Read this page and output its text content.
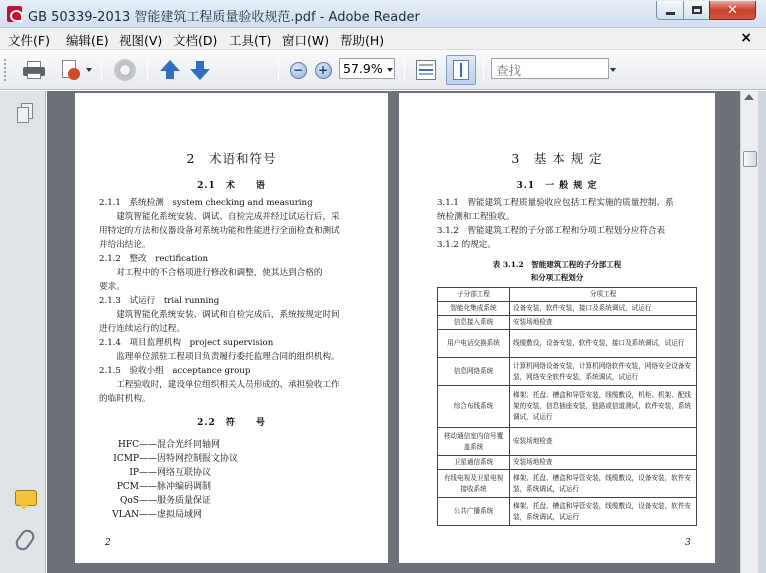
GB 50339-2013 智能建筑工程质量验收规范.pdf - Adobe Reader	✕
文件(F) 编辑(E) 视图(V) 文档(D) 工具(T) 窗口(W) 帮助(H)	×
8
− + 57.9%	查找
2　术语和符号
2.1　术　　语
2.1.1　系统检测　system checking and measuring
　　建筑智能化系统安装、调试、自检完成并经过试运行后，采
用特定的方法和仪器设备对系统功能和性能进行全面检查和测试
并给出结论。
2.1.2　整改　rectification
　　对工程中的不合格项进行修改和调整，使其达到合格的
要求。
2.1.3　试运行　trial running
　　建筑智能化系统安装、调试和自检完成后，系统按规定时间
进行连续运行的过程。
2.1.4　项目监理机构　project supervision
　　监理单位派驻工程项目负责履行委托监理合同的组织机构。
2.1.5　验收小组　acceptance group
　　工程验收时，建设单位组织相关人员形成的、承担验收工作
的临时机构。
2.2　符　　号
HFC——混合光纤同轴网
ICMP——因特网控制报文协议
IP——网络互联协议
PCM——脉冲编码调制
QoS——服务质量保证
VLAN——虚拟局域网
2
3　基 本 规 定
3.1　一 般 规 定
3.1.1　智能建筑工程质量验收应包括工程实施的质量控制、系
统检测和工程验收。
3.1.2　智能建筑工程的子分部工程和分项工程划分应符合表
3.1.2 的规定。
表 3.1.2　智能建筑工程的子分部工程
和分项工程划分
子分部工程	分项工程
智能化集成系统	设备安装，软件安装，接口及系统调试，试运行
信息接入系统	安装场地检查
用户电话交换系统	线缆敷设，设备安装，软件安装，接口及系统调试，试运行
信息网络系统	计算机网络设备安装，计算机网络软件安装，网络安全设备安装，网络安全软件安装，系统调试，试运行
综合布线系统	梯架、托盘、槽盒和导管安装，线缆敷设，机柜、机架、配线架的安装，信息插座安装，链路或信道测试，软件安装，系统调试，试运行
移动通信室内信号覆盖系统	安装场地检查
卫星通信系统	安装场地检查
有线电视及卫星电视接收系统	梯架、托盘、槽盒和导管安装，线缆敷设，设备安装，软件安装，系统调试，试运行
公共广播系统	梯架、托盘、槽盒和导管安装，线缆敷设，设备安装，软件安装，系统调试，试运行
3
